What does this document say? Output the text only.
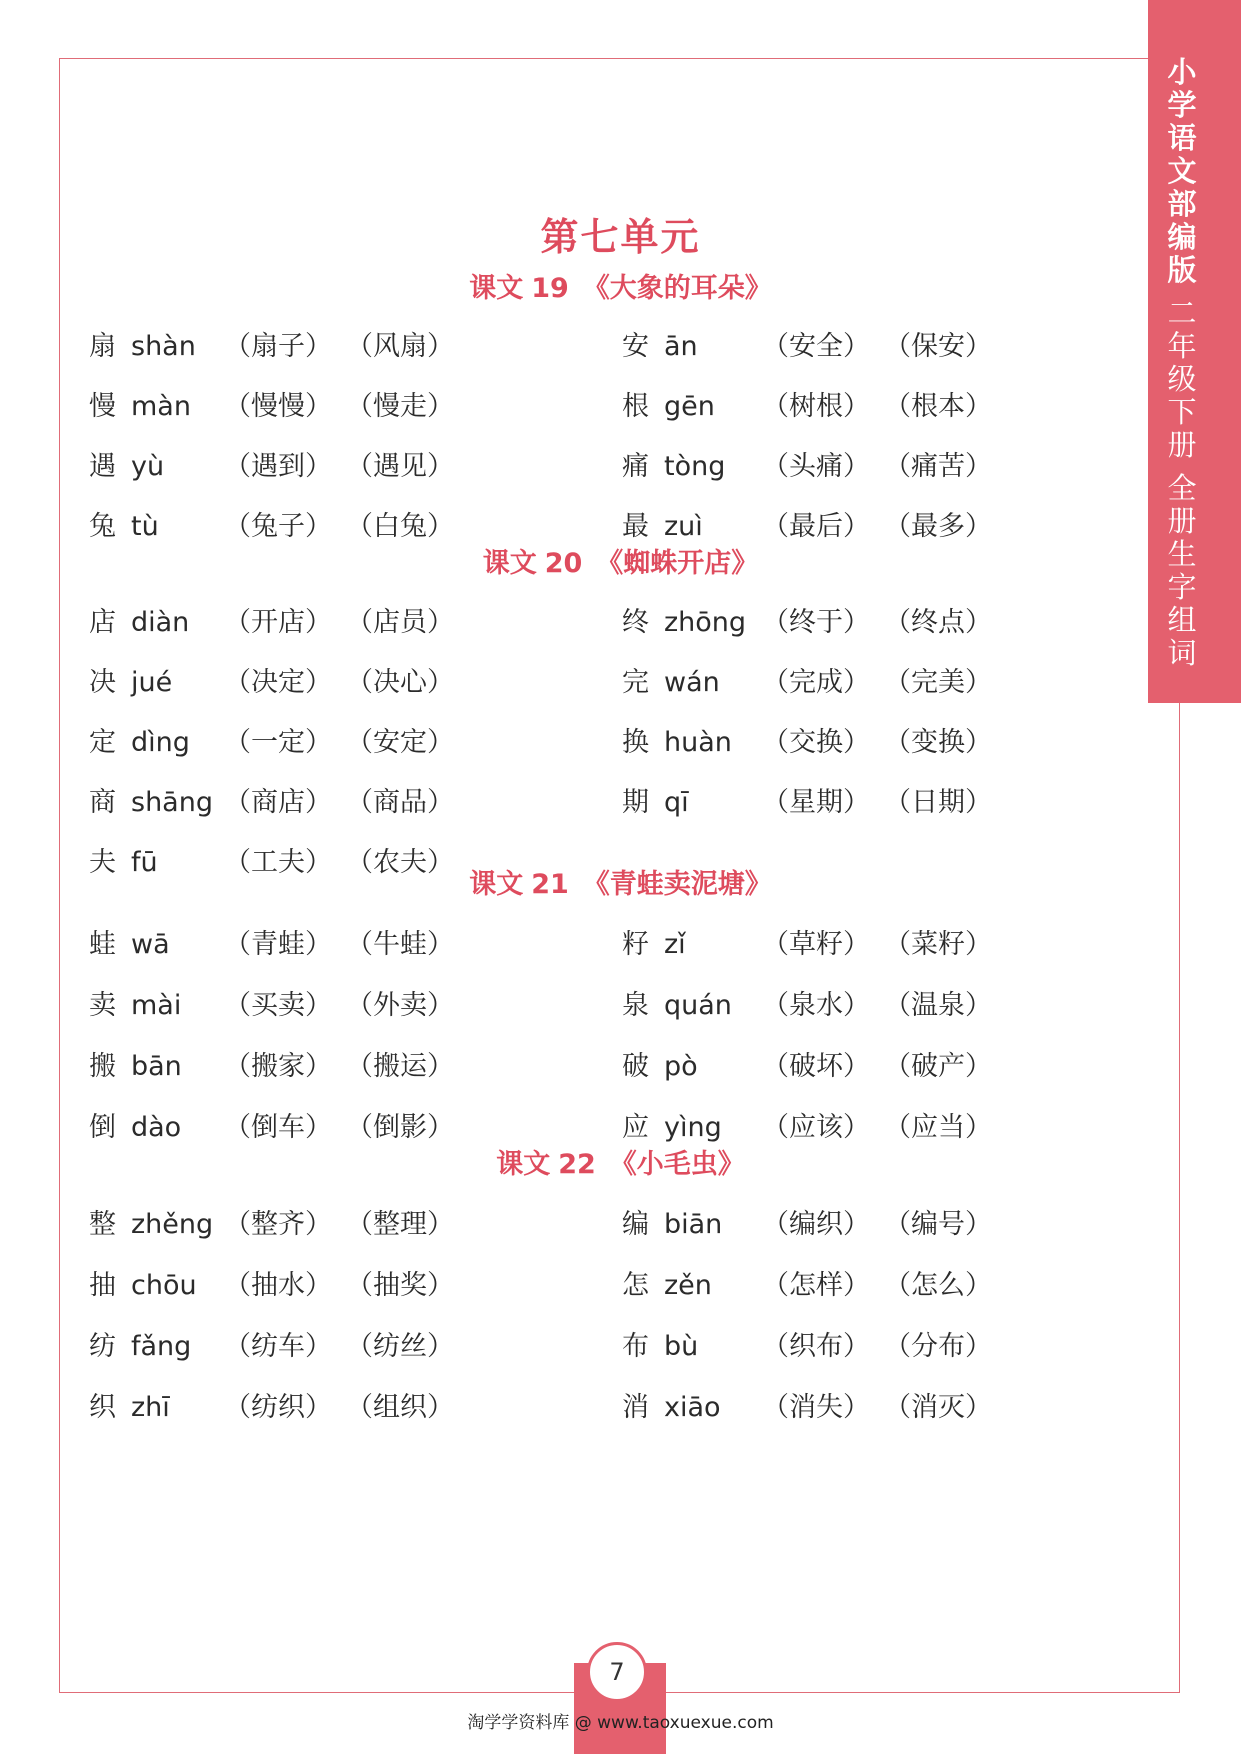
小
学
语
文
部
编
版
二
年
级
下
册
全
册
生
字
组
词
第七单元
课文 19 《大象的耳朵》
扇 shàn （扇子） （风扇）	安 ān （安全） （保安）
慢 màn （慢慢） （慢走）	根 gēn （树根） （根本）
遇 yù （遇到） （遇见）	痛 tòng （头痛） （痛苦）
兔 tù （兔子） （白兔）	最 zuì （最后） （最多）
课文 20 《蜘蛛开店》
店 diàn （开店） （店员）	终 zhōng （终于） （终点）
决 jué （决定） （决心）	完 wán （完成） （完美）
定 dìng （一定） （安定）	换 huàn （交换） （变换）
商 shāng （商店） （商品）	期 qī	（星期） （日期）
夫 fū （工夫） （农夫）
课文 21 《青蛙卖泥塘》
蛙 wā （青蛙） （牛蛙）	籽 zǐ	（草籽） （菜籽）
卖 mài （买卖） （外卖）	泉 quán （泉水） （温泉）
搬 bān （搬家） （搬运）	破 pò （破坏） （破产）
倒 dào （倒车） （倒影）	应 yìng （应该） （应当）
课文 22 《小毛虫》
整 zhěng （整齐） （整理）	编 biān （编织） （编号）
抽 chōu （抽水） （抽奖）	怎 zěn （怎样） （怎么）
纺 fǎng （纺车） （纺丝）	布 bù （织布） （分布）
织 zhī （纺织） （组织）	消 xiāo （消失） （消灭）
7
淘学学资料库 @ www.taoxuexue.com
